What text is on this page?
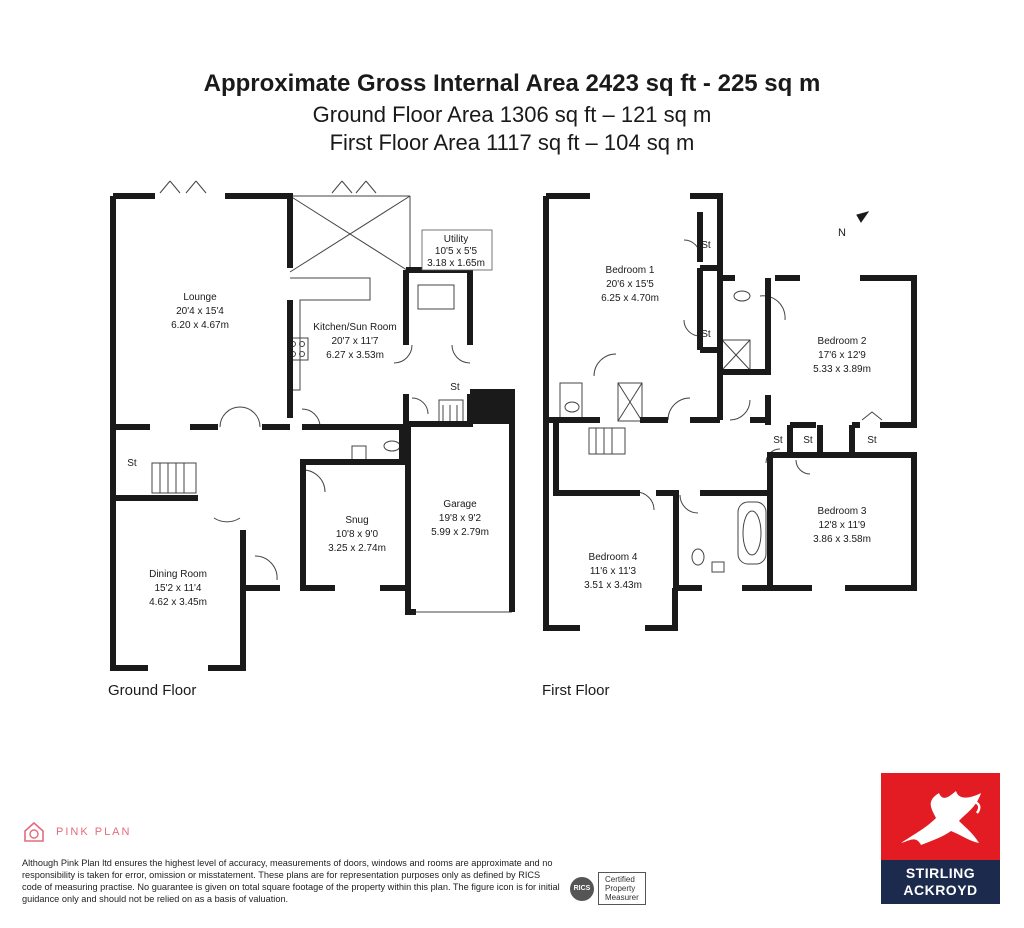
Approximate Gross Internal Area 2423 sq ft - 225 sq m
Ground Floor Area 1306 sq ft – 121 sq m
First Floor Area 1117 sq ft – 104 sq m
Lounge
20'4 x 15'4
6.20 x 4.67m	Kitchen/Sun Room
20'7 x 11'7
6.27 x 3.53m
Utility
10'5 x 5'5
3.18 x 1.65m
Dining Room
15'2 x 11'4
4.62 x 3.45m
Snug
10'8 x 9'0
3.25 x 2.74m
Garage
19'8 x 9'2
5.99 x 2.79m
St
St
Bedroom 1
20'6 x 15'5
6.25 x 4.70m
Bedroom 2
17'6 x 12'9
5.33 x 3.89m
Bedroom 3
12'8 x 11'9
3.86 x 3.58m
Bedroom 4
11'6 x 11'3
3.51 x 3.43m
St
St
St St	St
N
Ground Floor	First Floor
PINK PLAN
Although Pink Plan ltd ensures the highest level of accuracy, measurements of doors, windows and rooms are approximate and no responsibility is taken for error, omission or misstatement. These plans are for representation purposes only as defined by RICS code of measuring practise. No guarantee is given on total square footage of the property within this plan. The figure icon is for initial guidance only and should not be relied on as a basis of valuation.
RICS
Certified
Property
Measurer
STIRLING
ACKROYD
